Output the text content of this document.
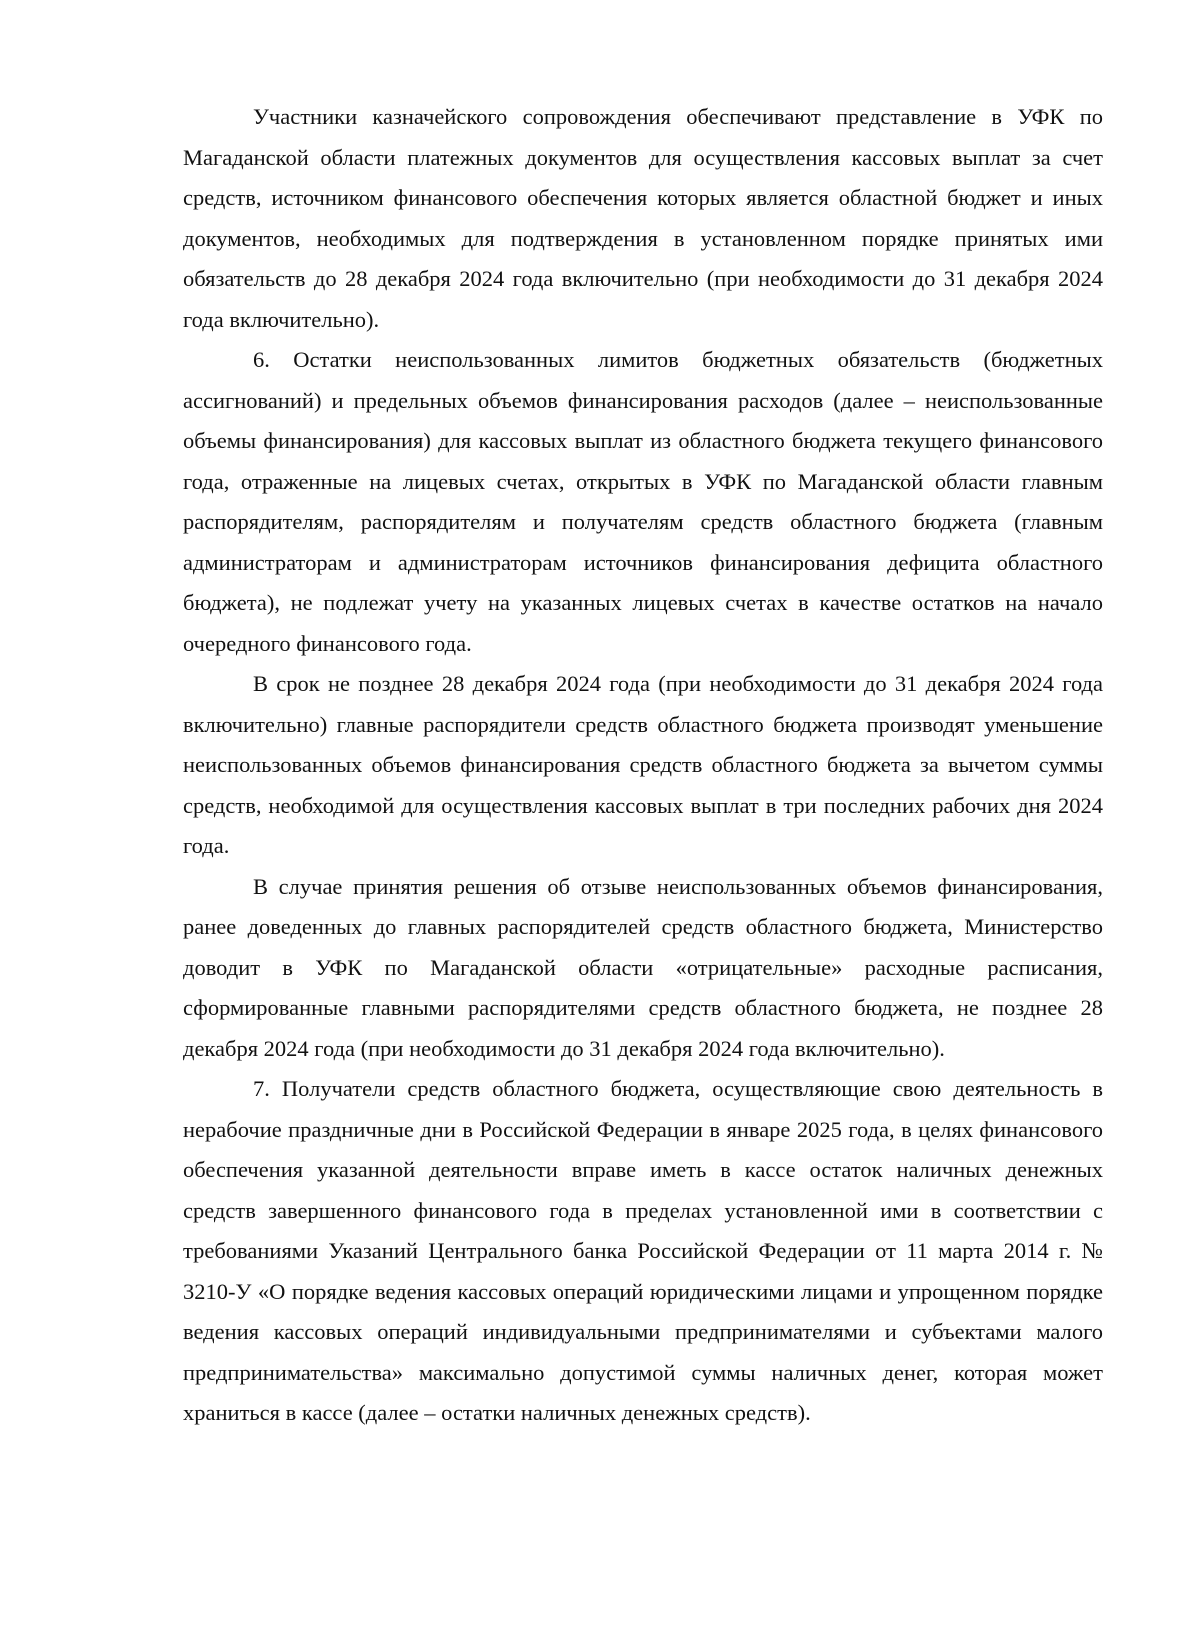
Участники казначейского сопровождения обеспечивают представление в УФК по Магаданской области платежных документов для осуществления кассовых выплат за счет средств, источником финансового обеспечения которых является областной бюджет и иных документов, необходимых для подтверждения в установленном порядке принятых ими обязательств до 28 декабря 2024 года включительно (при необходимости до 31 декабря 2024 года включительно).

6. Остатки неиспользованных лимитов бюджетных обязательств (бюджетных ассигнований) и предельных объемов финансирования расходов (далее – неиспользованные объемы финансирования) для кассовых выплат из областного бюджета текущего финансового года, отраженные на лицевых счетах, открытых в УФК по Магаданской области главным распорядителям, распорядителям и получателям средств областного бюджета (главным администраторам и администраторам источников финансирования дефицита областного бюджета), не подлежат учету на указанных лицевых счетах в качестве остатков на начало очередного финансового года.

В срок не позднее 28 декабря 2024 года (при необходимости до 31 декабря 2024 года включительно) главные распорядители средств областного бюджета производят уменьшение неиспользованных объемов финансирования средств областного бюджета за вычетом суммы средств, необходимой для осуществления кассовых выплат в три последних рабочих дня 2024 года.

В случае принятия решения об отзыве неиспользованных объемов финансирования, ранее доведенных до главных распорядителей средств областного бюджета, Министерство доводит в УФК по Магаданской области «отрицательные» расходные расписания, сформированные главными распорядителями средств областного бюджета, не позднее 28 декабря 2024 года (при необходимости до 31 декабря 2024 года включительно).

7. Получатели средств областного бюджета, осуществляющие свою деятельность в нерабочие праздничные дни в Российской Федерации в январе 2025 года, в целях финансового обеспечения указанной деятельности вправе иметь в кассе остаток наличных денежных средств завершенного финансового года в пределах установленной ими в соответствии с требованиями Указаний Центрального банка Российской Федерации от 11 марта 2014 г. № 3210-У «О порядке ведения кассовых операций юридическими лицами и упрощенном порядке ведения кассовых операций индивидуальными предпринимателями и субъектами малого предпринимательства» максимально допустимой суммы наличных денег, которая может храниться в кассе (далее – остатки наличных денежных средств).
